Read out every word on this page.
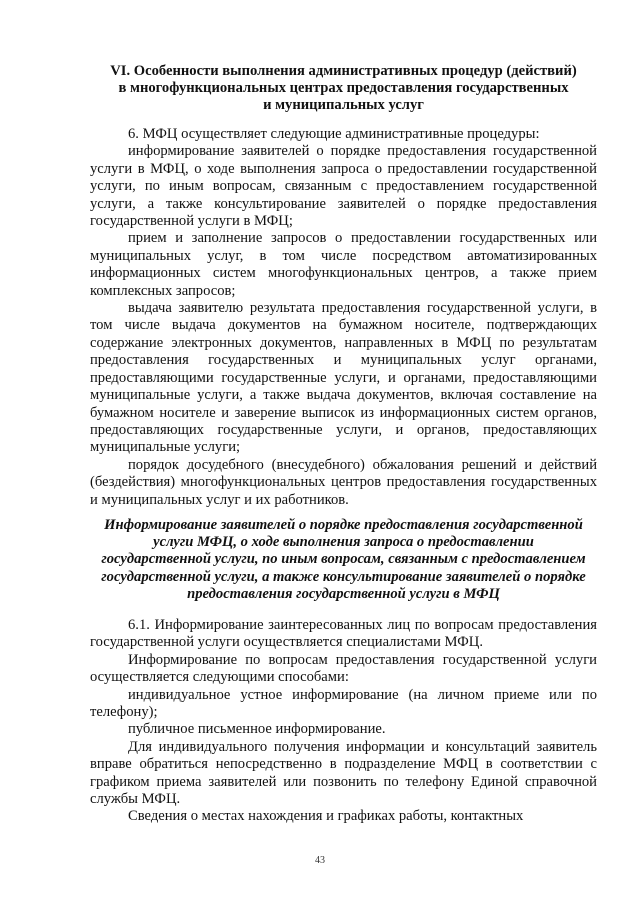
VI. Особенности выполнения административных процедур (действий)
в многофункциональных центрах предоставления государственных
и муниципальных услуг

6. МФЦ осуществляет следующие административные процедуры:

информирование заявителей о порядке предоставления государственной услуги в МФЦ, о ходе выполнения запроса о предоставлении государственной услуги, по иным вопросам, связанным с предоставлением государственной услуги, а также консультирование заявителей о порядке предоставления государственной услуги в МФЦ;

прием и заполнение запросов о предоставлении государственных или муниципальных услуг, в том числе посредством автоматизированных информационных систем многофункциональных центров, а также прием комплексных запросов;

выдача заявителю результата предоставления государственной услуги, в том числе выдача документов на бумажном носителе, подтверждающих содержание электронных документов, направленных в МФЦ по результатам предоставления государственных и муниципальных услуг органами, предоставляющими государственные услуги, и органами, предоставляющими муниципальные услуги, а также выдача документов, включая составление на бумажном носителе и заверение выписок из информационных систем органов, предоставляющих государственные услуги, и органов, предоставляющих муниципальные услуги;

порядок досудебного (внесудебного) обжалования решений и действий (бездействия) многофункциональных центров предоставления государственных и муниципальных услуг и их работников.

Информирование заявителей о порядке предоставления государственной
услуги МФЦ, о ходе выполнения запроса о предоставлении
государственной услуги, по иным вопросам, связанным с предоставлением
государственной услуги, а также консультирование заявителей о порядке
предоставления государственной услуги в МФЦ

6.1. Информирование заинтересованных лиц по вопросам предоставления государственной услуги осуществляется специалистами МФЦ.

Информирование по вопросам предоставления государственной услуги осуществляется следующими способами:

индивидуальное устное информирование (на личном приеме или по телефону);

публичное письменное информирование.

Для индивидуального получения информации и консультаций заявитель вправе обратиться непосредственно в подразделение МФЦ в соответствии с графиком приема заявителей или позвонить по телефону Единой справочной службы МФЦ.

Сведения о местах нахождения и графиках работы, контактных

43
